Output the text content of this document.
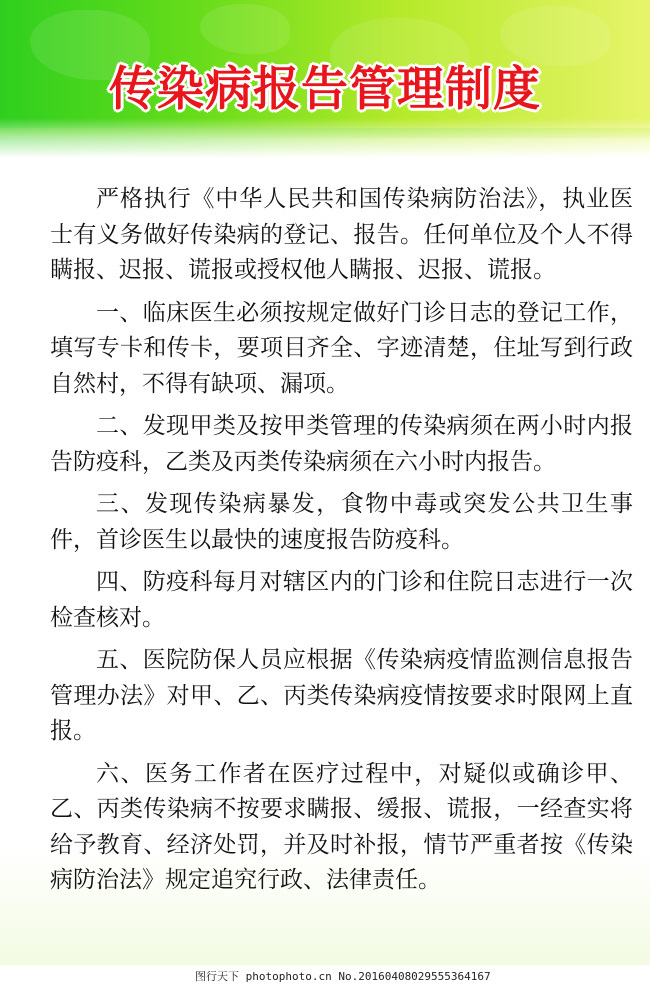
传染病报告管理制度

严格执行《中华人民共和国传染病防治法》，执业医士有义务做好传染病的登记、报告。任何单位及个人不得瞒报、迟报、谎报或授权他人瞒报、迟报、谎报。

一、临床医生必须按规定做好门诊日志的登记工作，填写专卡和传卡，要项目齐全、字迹清楚，住址写到行政自然村，不得有缺项、漏项。

二、发现甲类及按甲类管理的传染病须在两小时内报告防疫科，乙类及丙类传染病须在六小时内报告。

三、发现传染病暴发，食物中毒或突发公共卫生事件，首诊医生以最快的速度报告防疫科。

四、防疫科每月对辖区内的门诊和住院日志进行一次检查核对。

五、医院防保人员应根据《传染病疫情监测信息报告管理办法》对甲、乙、丙类传染病疫情按要求时限网上直报。

六、医务工作者在医疗过程中，对疑似或确诊甲、乙、丙类传染病不按要求瞒报、缓报、谎报，一经查实将给予教育、经济处罚，并及时补报，情节严重者按《传染病防治法》规定追究行政、法律责任。

图行天下 photophoto.cn No.20160408029555364167
